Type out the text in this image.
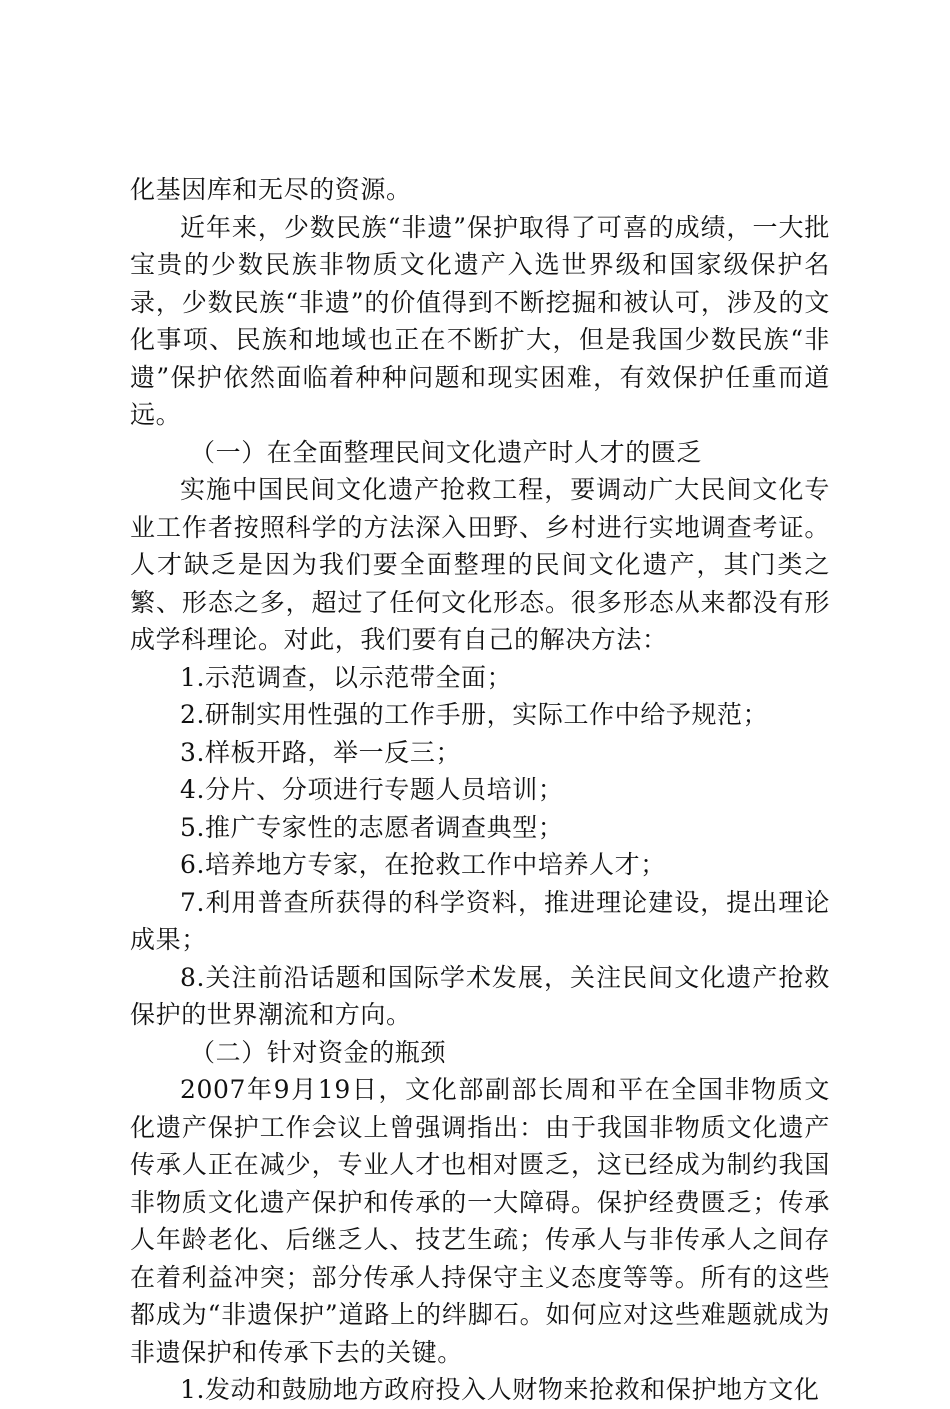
化基因库和无尽的资源。

近年来，少数民族“非遗”保护取得了可喜的成绩，一大批宝贵的少数民族非物质文化遗产入选世界级和国家级保护名录，少数民族“非遗”的价值得到不断挖掘和被认可，涉及的文化事项、民族和地域也正在不断扩大，但是我国少数民族“非遗”保护依然面临着种种问题和现实困难，有效保护任重而道远。

（一）在全面整理民间文化遗产时人才的匮乏

实施中国民间文化遗产抢救工程，要调动广大民间文化专业工作者按照科学的方法深入田野、乡村进行实地调查考证。人才缺乏是因为我们要全面整理的民间文化遗产，其门类之繁、形态之多，超过了任何文化形态。很多形态从来都没有形成学科理论。对此，我们要有自己的解决方法：

1.示范调查，以示范带全面；

2.研制实用性强的工作手册，实际工作中给予规范；

3.样板开路，举一反三；

4.分片、分项进行专题人员培训；

5.推广专家性的志愿者调查典型；

6.培养地方专家，在抢救工作中培养人才；

7.利用普查所获得的科学资料，推进理论建设，提出理论成果；

8.关注前沿话题和国际学术发展，关注民间文化遗产抢救保护的世界潮流和方向。

（二）针对资金的瓶颈

2007年9月19日，文化部副部长周和平在全国非物质文化遗产保护工作会议上曾强调指出：由于我国非物质文化遗产传承人正在减少，专业人才也相对匮乏，这已经成为制约我国非物质文化遗产保护和传承的一大障碍。保护经费匮乏；传承人年龄老化、后继乏人、技艺生疏；传承人与非传承人之间存在着利益冲突；部分传承人持保守主义态度等等。所有的这些都成为“非遗保护”道路上的绊脚石。如何应对这些难题就成为非遗保护和传承下去的关键。

1.发动和鼓励地方政府投入人财物来抢救和保护地方文化
